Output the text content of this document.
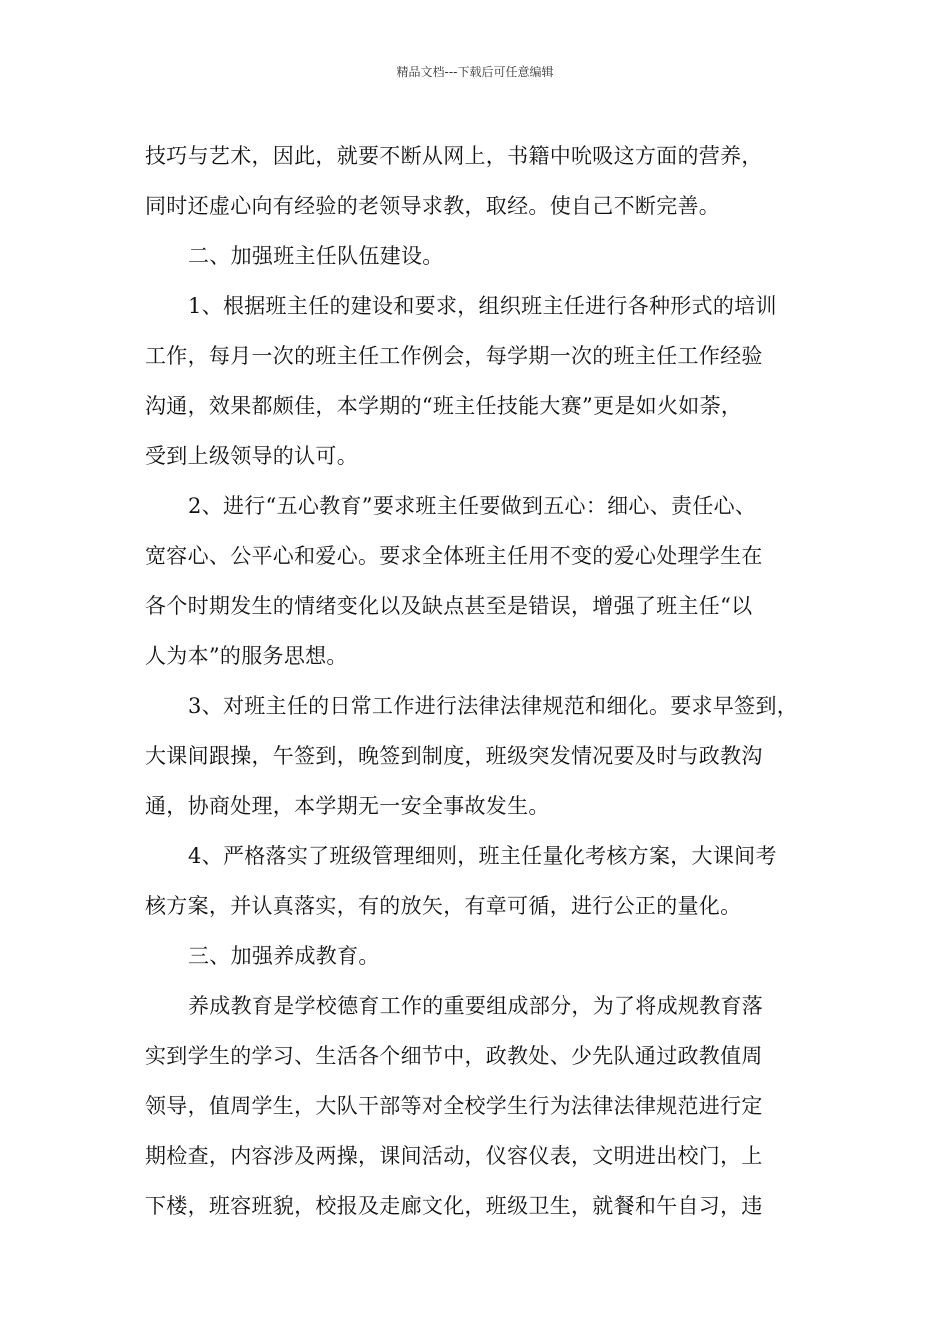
精品文档---下载后可任意编辑
技巧与艺术，因此，就要不断从网上，书籍中吮吸这方面的营养，
同时还虚心向有经验的老领导求教，取经。使自己不断完善。
二、加强班主任队伍建设。
1、根据班主任的建设和要求，组织班主任进行各种形式的培训
工作，每月一次的班主任工作例会，每学期一次的班主任工作经验
沟通，效果都颇佳，本学期的“班主任技能大赛”更是如火如荼，
受到上级领导的认可。
2、进行“五心教育”要求班主任要做到五心：细心、责任心、
宽容心、公平心和爱心。要求全体班主任用不变的爱心处理学生在
各个时期发生的情绪变化以及缺点甚至是错误，增强了班主任“以
人为本”的服务思想。
3、对班主任的日常工作进行法律法律规范和细化。要求早签到，
大课间跟操，午签到，晚签到制度，班级突发情况要及时与政教沟
通，协商处理，本学期无一安全事故发生。
4、严格落实了班级管理细则，班主任量化考核方案，大课间考
核方案，并认真落实，有的放矢，有章可循，进行公正的量化。
三、加强养成教育。
养成教育是学校德育工作的重要组成部分，为了将成规教育落
实到学生的学习、生活各个细节中，政教处、少先队通过政教值周
领导，值周学生，大队干部等对全校学生行为法律法律规范进行定
期检查，内容涉及两操，课间活动，仪容仪表，文明进出校门，上
下楼，班容班貌，校报及走廊文化，班级卫生，就餐和午自习，违
